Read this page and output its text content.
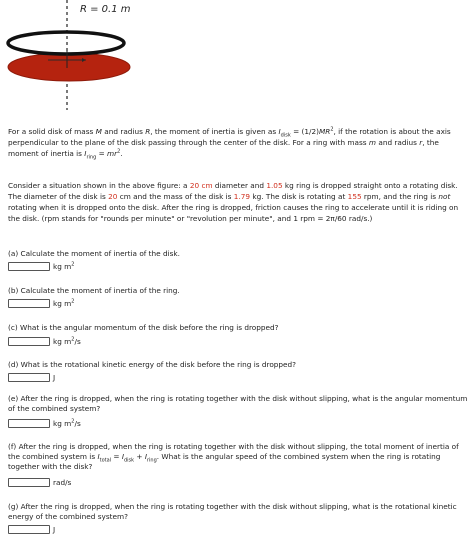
R = 0.1 m
For a solid disk of mass M and radius R, the moment of inertia is given as $I_{disk} = (1/2)MR^2$, if the rotation is about the axis perpendicular to the plane of the disk passing through the center of the disk. For a ring with mass m and radius r, the moment of inertia is $I_{ring} = mr^2$.
Consider a situation shown in the above figure: a 20 cm diameter and 1.05 kg ring is dropped straight onto a rotating disk. The diameter of the disk is 20 cm and the mass of the disk is 1.79 kg. The disk is rotating at 155 rpm, and the ring is not rotating when it is dropped onto the disk. After the ring is dropped, friction causes the ring to accelerate until it is riding on the disk. (rpm stands for "rounds per minute" or "revolution per minute", and 1 rpm = 2π/60 rad/s.)
(a) Calculate the moment of inertia of the disk.
kg $m^2$
(b) Calculate the moment of inertia of the ring.
kg $m^2$
(c) What is the angular momentum of the disk before the ring is dropped?
kg $m^2/s$
(d) What is the rotational kinetic energy of the disk before the ring is dropped?
J
(e) After the ring is dropped, when the ring is rotating together with the disk without slipping, what is the angular momentum of the combined system?
kg $m^2/s$
(f) After the ring is dropped, when the ring is rotating together with the disk without slipping, the total moment of inertia of the combined system is $I_{total} = I_{disk} + I_{ring}$. What is the angular speed of the combined system when the ring is rotating together with the disk?
rad/s
(g) After the ring is dropped, when the ring is rotating together with the disk without slipping, what is the rotational kinetic energy of the combined system?
J
